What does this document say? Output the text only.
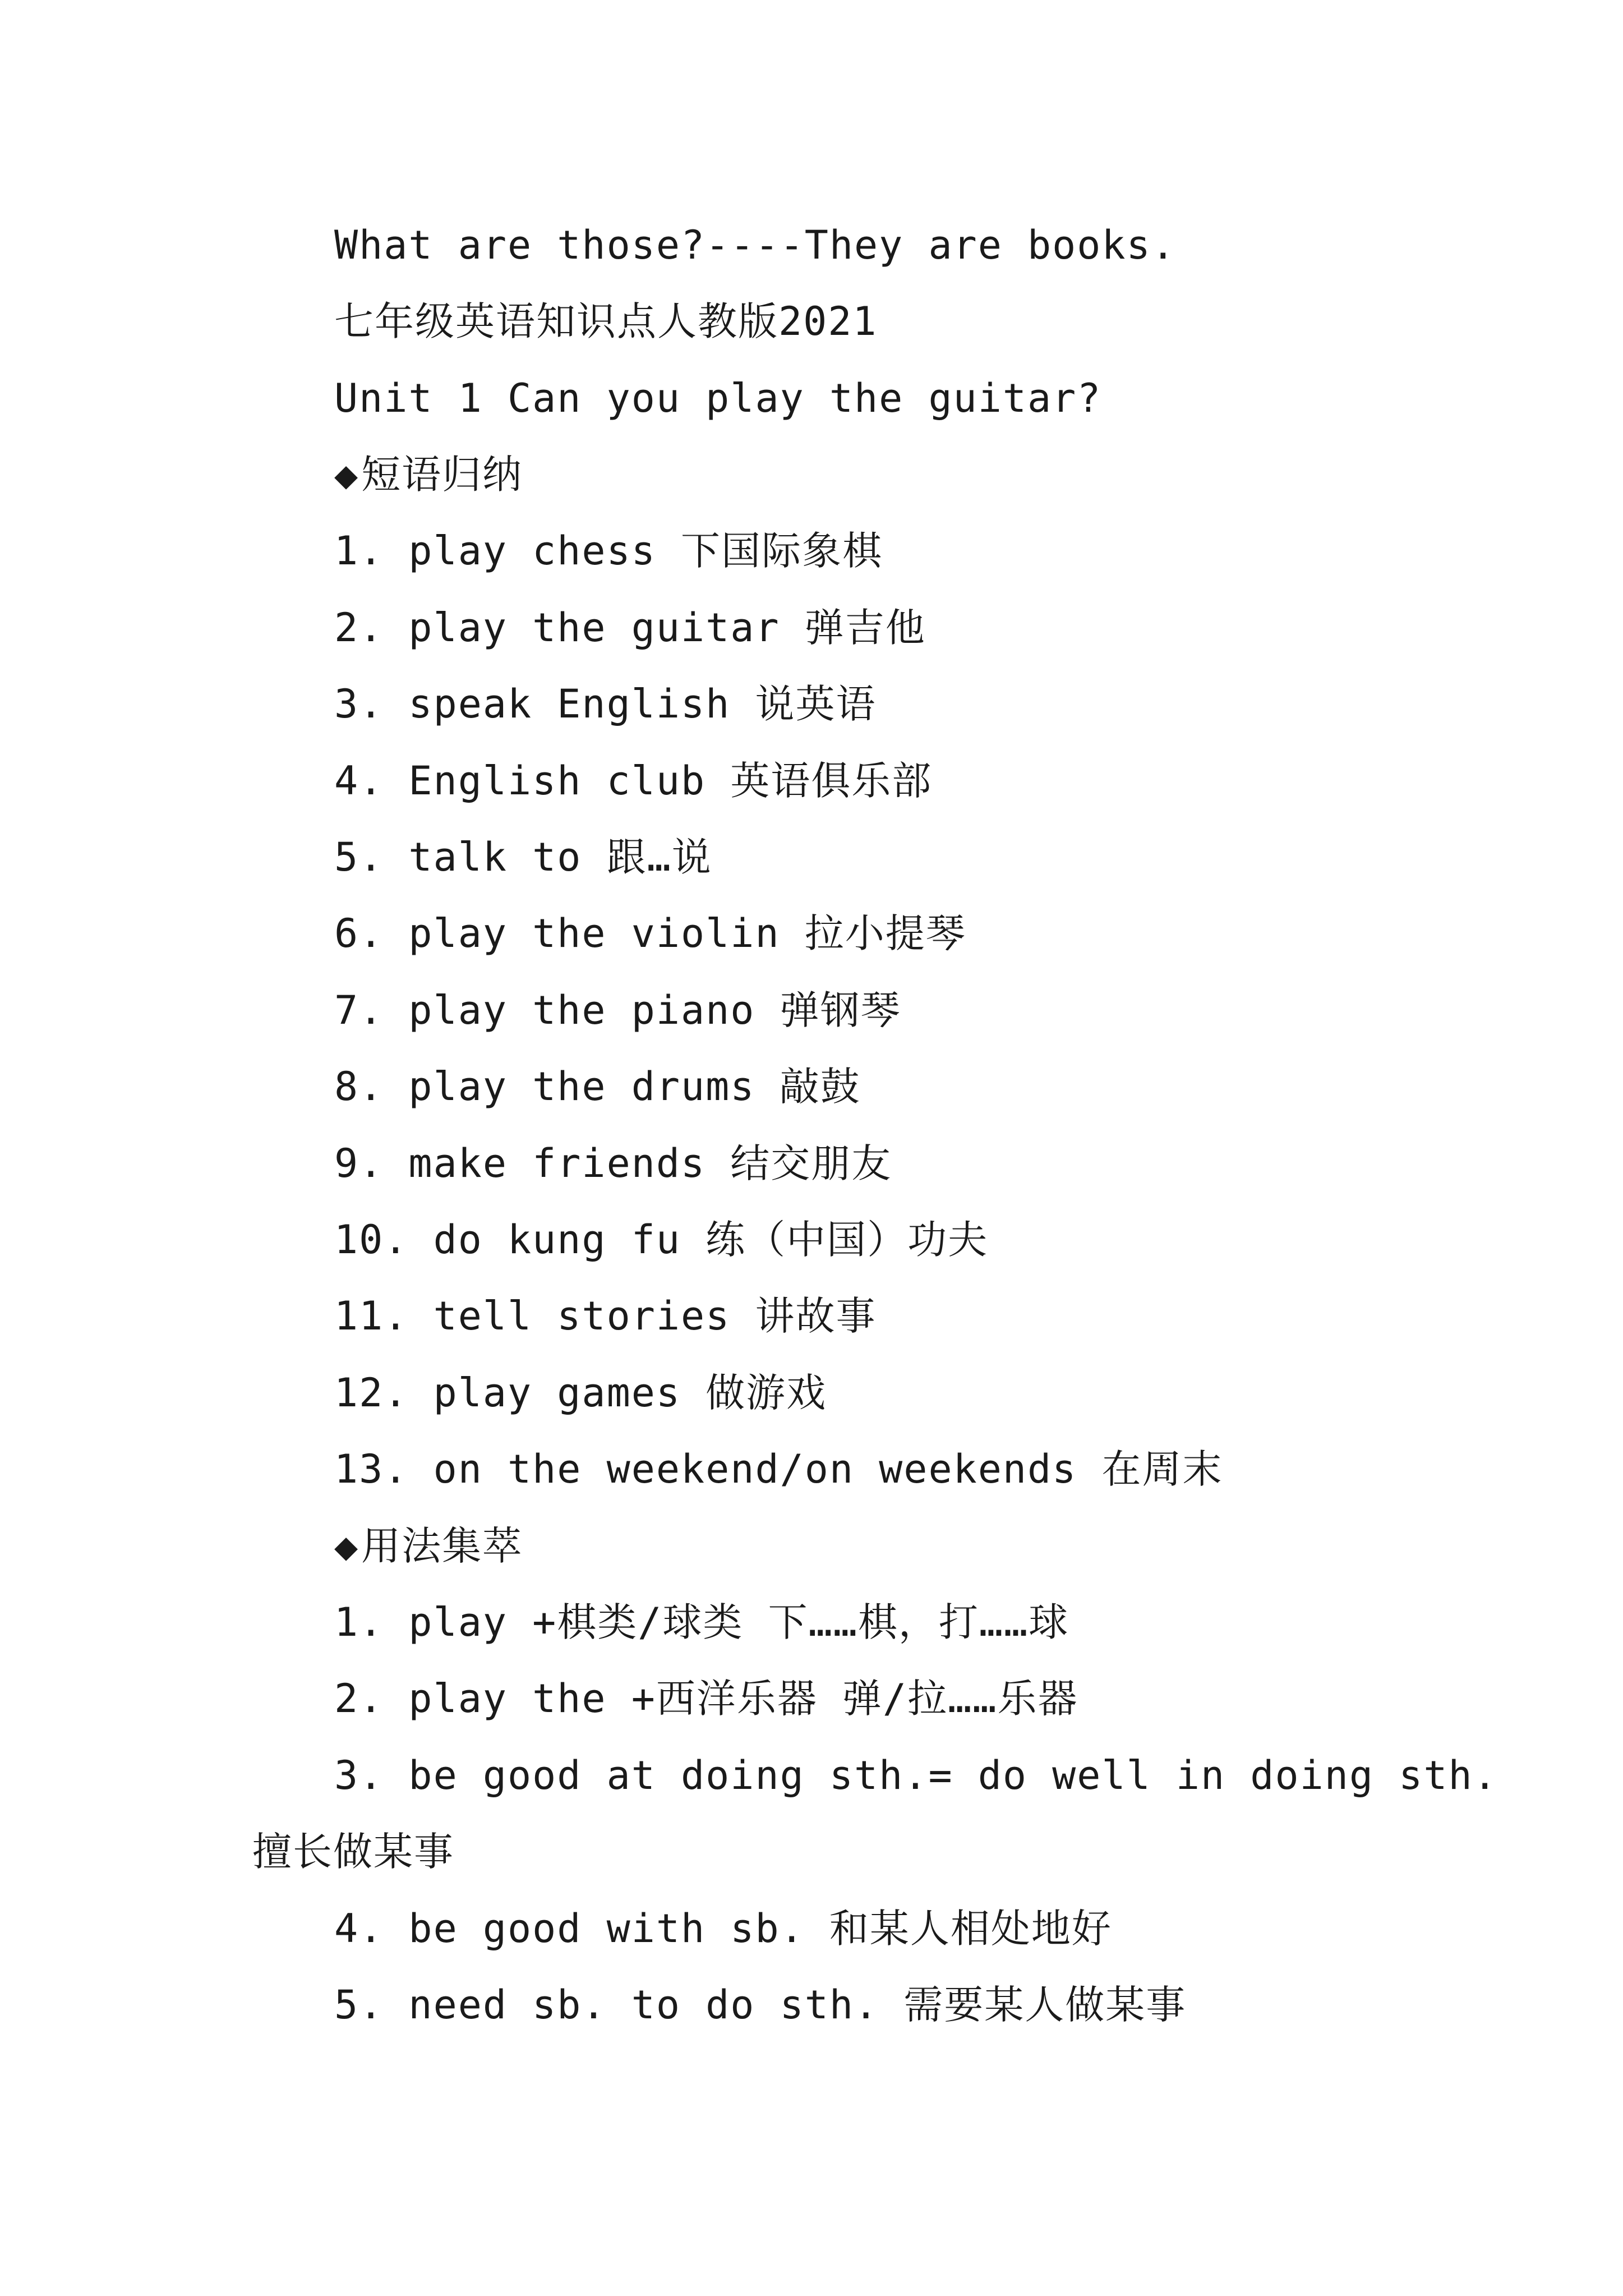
What are those?----They are books.
七年级英语知识点人教版2021
Unit 1 Can you play the guitar?
◆短语归纳
1. play chess 下国际象棋
2. play the guitar 弹吉他
3. speak English 说英语
4. English club 英语俱乐部
5. talk to 跟…说
6. play the violin 拉小提琴
7. play the piano 弹钢琴
8. play the drums 敲鼓
9. make friends 结交朋友
10. do kung fu 练（中国）功夫
11. tell stories 讲故事
12. play games 做游戏
13. on the weekend/on weekends 在周末
◆用法集萃
1. play +棋类/球类 下……棋，打……球
2. play the +西洋乐器 弹/拉……乐器
3. be good at doing sth.= do well in doing sth.
擅长做某事
4. be good with sb. 和某人相处地好
5. need sb. to do sth. 需要某人做某事
